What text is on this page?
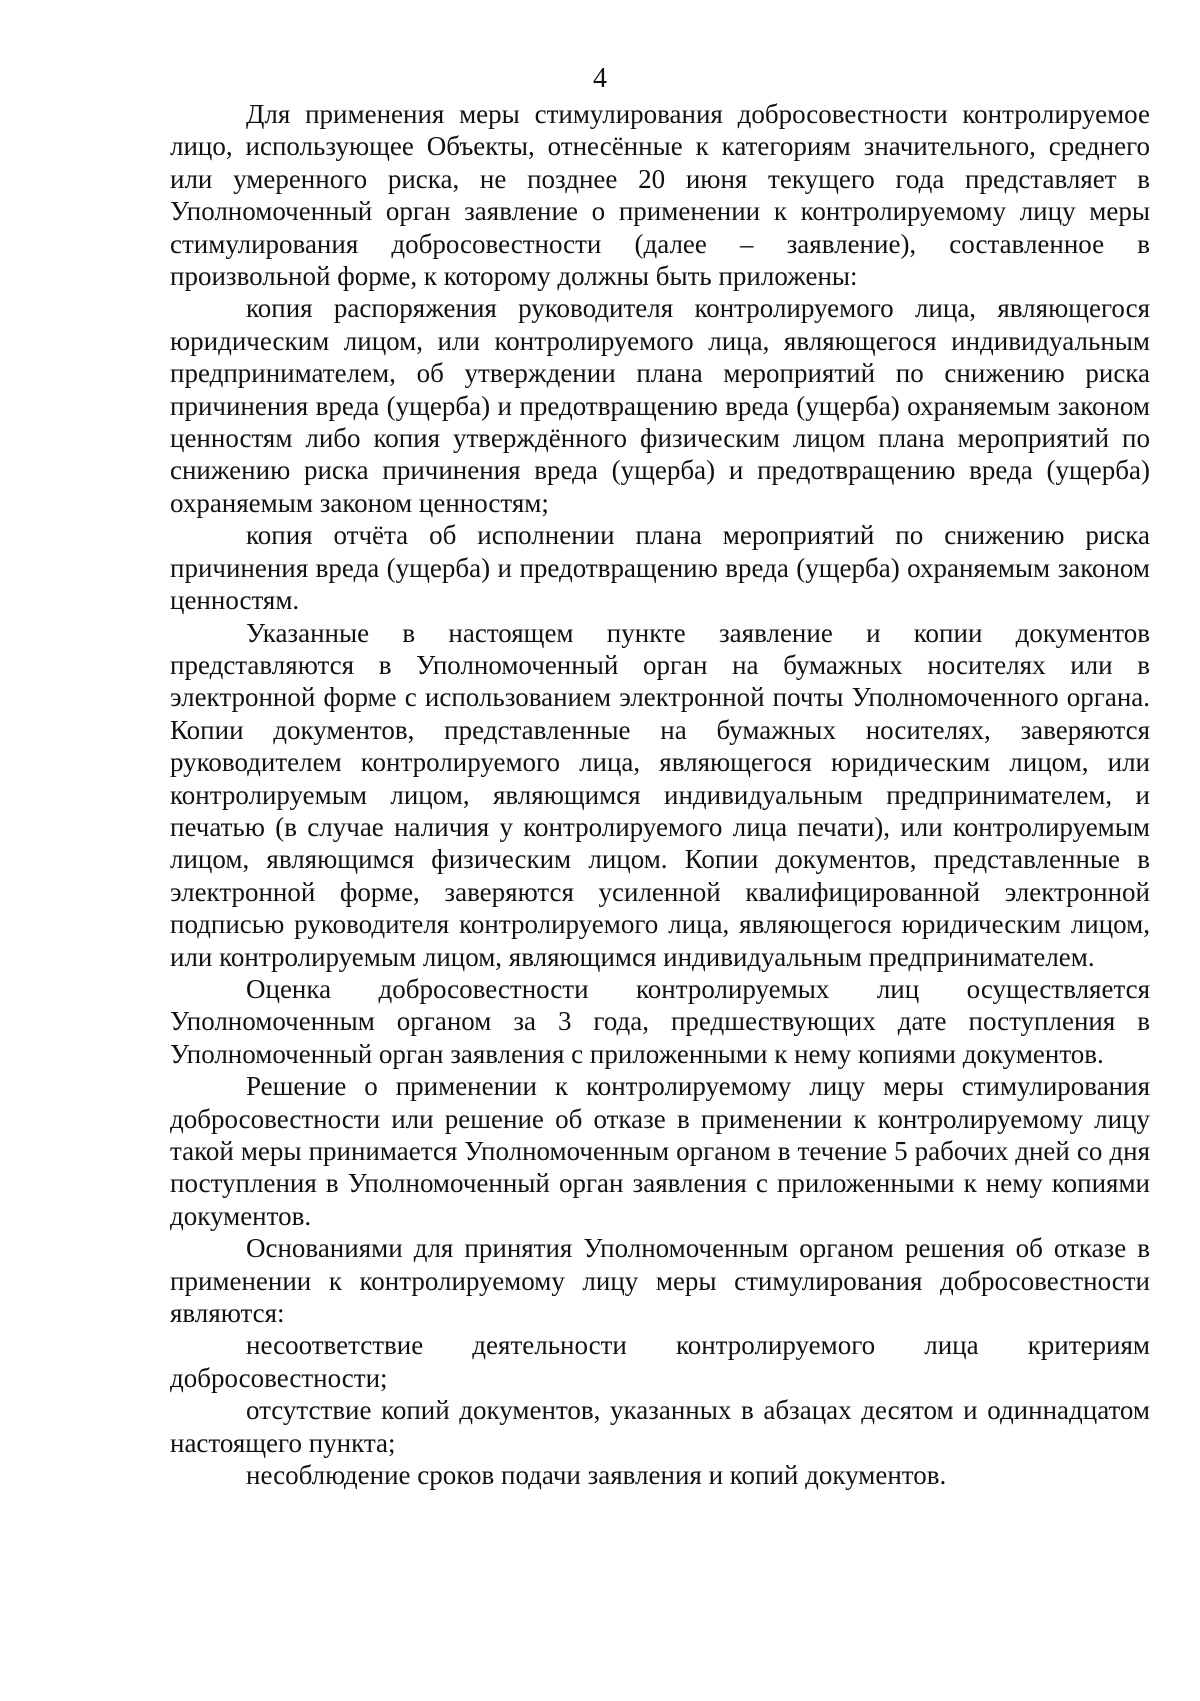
4

Для применения меры стимулирования добросовестности контролируемое лицо, использующее Объекты, отнесённые к категориям значительного, среднего или умеренного риска, не позднее 20 июня текущего года представляет в Уполномоченный орган заявление о применении к контролируемому лицу меры стимулирования добросовестности (далее – заявление), составленное в произвольной форме, к которому должны быть приложены:

копия распоряжения руководителя контролируемого лица, являющегося юридическим лицом, или контролируемого лица, являющегося индивидуальным предпринимателем, об утверждении плана мероприятий по снижению риска причинения вреда (ущерба) и предотвращению вреда (ущерба) охраняемым законом ценностям либо копия утверждённого физическим лицом плана мероприятий по снижению риска причинения вреда (ущерба) и предотвращению вреда (ущерба) охраняемым законом ценностям;

копия отчёта об исполнении плана мероприятий по снижению риска причинения вреда (ущерба) и предотвращению вреда (ущерба) охраняемым законом ценностям.

Указанные в настоящем пункте заявление и копии документов представляются в Уполномоченный орган на бумажных носителях или в электронной форме с использованием электронной почты Уполномоченного органа. Копии документов, представленные на бумажных носителях, заверяются руководителем контролируемого лица, являющегося юридическим лицом, или контролируемым лицом, являющимся индивидуальным предпринимателем, и печатью (в случае наличия у контролируемого лица печати), или контролируемым лицом, являющимся физическим лицом. Копии документов, представленные в электронной форме, заверяются усиленной квалифицированной электронной подписью руководителя контролируемого лица, являющегося юридическим лицом, или контролируемым лицом, являющимся индивидуальным предпринимателем.

Оценка добросовестности контролируемых лиц осуществляется Уполномоченным органом за 3 года, предшествующих дате поступления в Уполномоченный орган заявления с приложенными к нему копиями документов.

Решение о применении к контролируемому лицу меры стимулирования добросовестности или решение об отказе в применении к контролируемому лицу такой меры принимается Уполномоченным органом в течение 5 рабочих дней со дня поступления в Уполномоченный орган заявления с приложенными к нему копиями документов.

Основаниями для принятия Уполномоченным органом решения об отказе в применении к контролируемому лицу меры стимулирования добросовестности являются:

несоответствие деятельности контролируемого лица критериям добросовестности;

отсутствие копий документов, указанных в абзацах десятом и одиннадцатом настоящего пункта;

несоблюдение сроков подачи заявления и копий документов.
